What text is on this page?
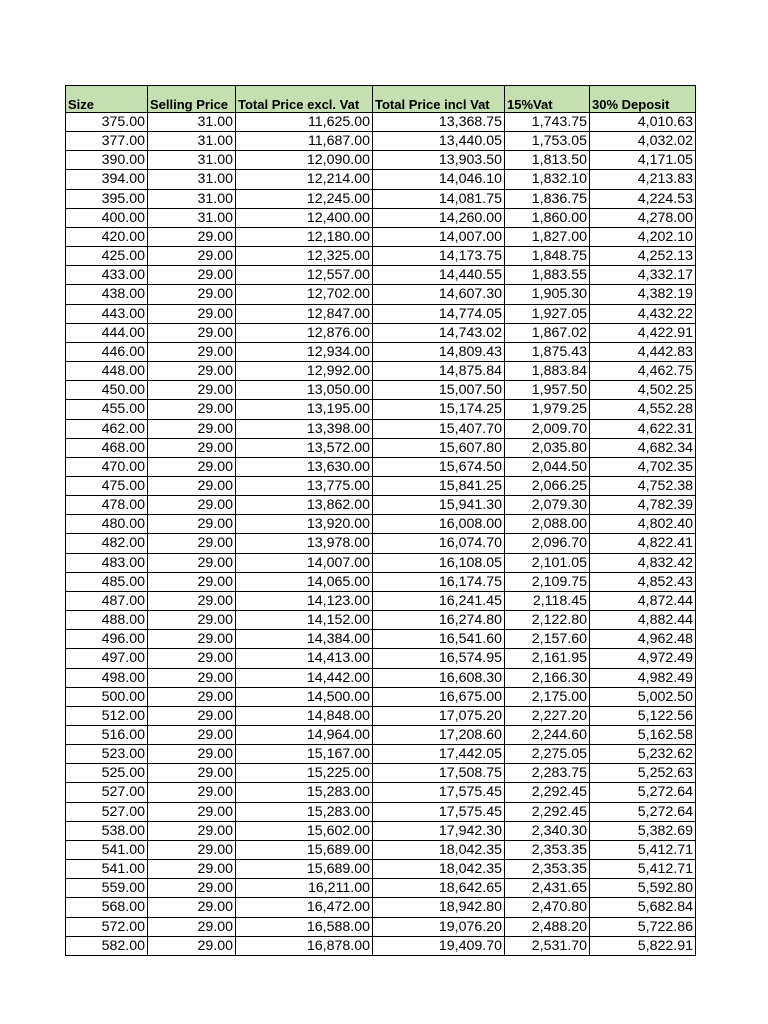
Size	Selling Price	Total Price excl. Vat	Total Price incl Vat	15%Vat	30% Deposit
375.00	31.00	11,625.00	13,368.75	1,743.75	4,010.63
377.00	31.00	11,687.00	13,440.05	1,753.05	4,032.02
390.00	31.00	12,090.00	13,903.50	1,813.50	4,171.05
394.00	31.00	12,214.00	14,046.10	1,832.10	4,213.83
395.00	31.00	12,245.00	14,081.75	1,836.75	4,224.53
400.00	31.00	12,400.00	14,260.00	1,860.00	4,278.00
420.00	29.00	12,180.00	14,007.00	1,827.00	4,202.10
425.00	29.00	12,325.00	14,173.75	1,848.75	4,252.13
433.00	29.00	12,557.00	14,440.55	1,883.55	4,332.17
438.00	29.00	12,702.00	14,607.30	1,905.30	4,382.19
443.00	29.00	12,847.00	14,774.05	1,927.05	4,432.22
444.00	29.00	12,876.00	14,743.02	1,867.02	4,422.91
446.00	29.00	12,934.00	14,809.43	1,875.43	4,442.83
448.00	29.00	12,992.00	14,875.84	1,883.84	4,462.75
450.00	29.00	13,050.00	15,007.50	1,957.50	4,502.25
455.00	29.00	13,195.00	15,174.25	1,979.25	4,552.28
462.00	29.00	13,398.00	15,407.70	2,009.70	4,622.31
468.00	29.00	13,572.00	15,607.80	2,035.80	4,682.34
470.00	29.00	13,630.00	15,674.50	2,044.50	4,702.35
475.00	29.00	13,775.00	15,841.25	2,066.25	4,752.38
478.00	29.00	13,862.00	15,941.30	2,079.30	4,782.39
480.00	29.00	13,920.00	16,008.00	2,088.00	4,802.40
482.00	29.00	13,978.00	16,074.70	2,096.70	4,822.41
483.00	29.00	14,007.00	16,108.05	2,101.05	4,832.42
485.00	29.00	14,065.00	16,174.75	2,109.75	4,852.43
487.00	29.00	14,123.00	16,241.45	2,118.45	4,872.44
488.00	29.00	14,152.00	16,274.80	2,122.80	4,882.44
496.00	29.00	14,384.00	16,541.60	2,157.60	4,962.48
497.00	29.00	14,413.00	16,574.95	2,161.95	4,972.49
498.00	29.00	14,442.00	16,608.30	2,166.30	4,982.49
500.00	29.00	14,500.00	16,675.00	2,175.00	5,002.50
512.00	29.00	14,848.00	17,075.20	2,227.20	5,122.56
516.00	29.00	14,964.00	17,208.60	2,244.60	5,162.58
523.00	29.00	15,167.00	17,442.05	2,275.05	5,232.62
525.00	29.00	15,225.00	17,508.75	2,283.75	5,252.63
527.00	29.00	15,283.00	17,575.45	2,292.45	5,272.64
527.00	29.00	15,283.00	17,575.45	2,292.45	5,272.64
538.00	29.00	15,602.00	17,942.30	2,340.30	5,382.69
541.00	29.00	15,689.00	18,042.35	2,353.35	5,412.71
541.00	29.00	15,689.00	18,042.35	2,353.35	5,412.71
559.00	29.00	16,211.00	18,642.65	2,431.65	5,592.80
568.00	29.00	16,472.00	18,942.80	2,470.80	5,682.84
572.00	29.00	16,588.00	19,076.20	2,488.20	5,722.86
582.00	29.00	16,878.00	19,409.70	2,531.70	5,822.91
